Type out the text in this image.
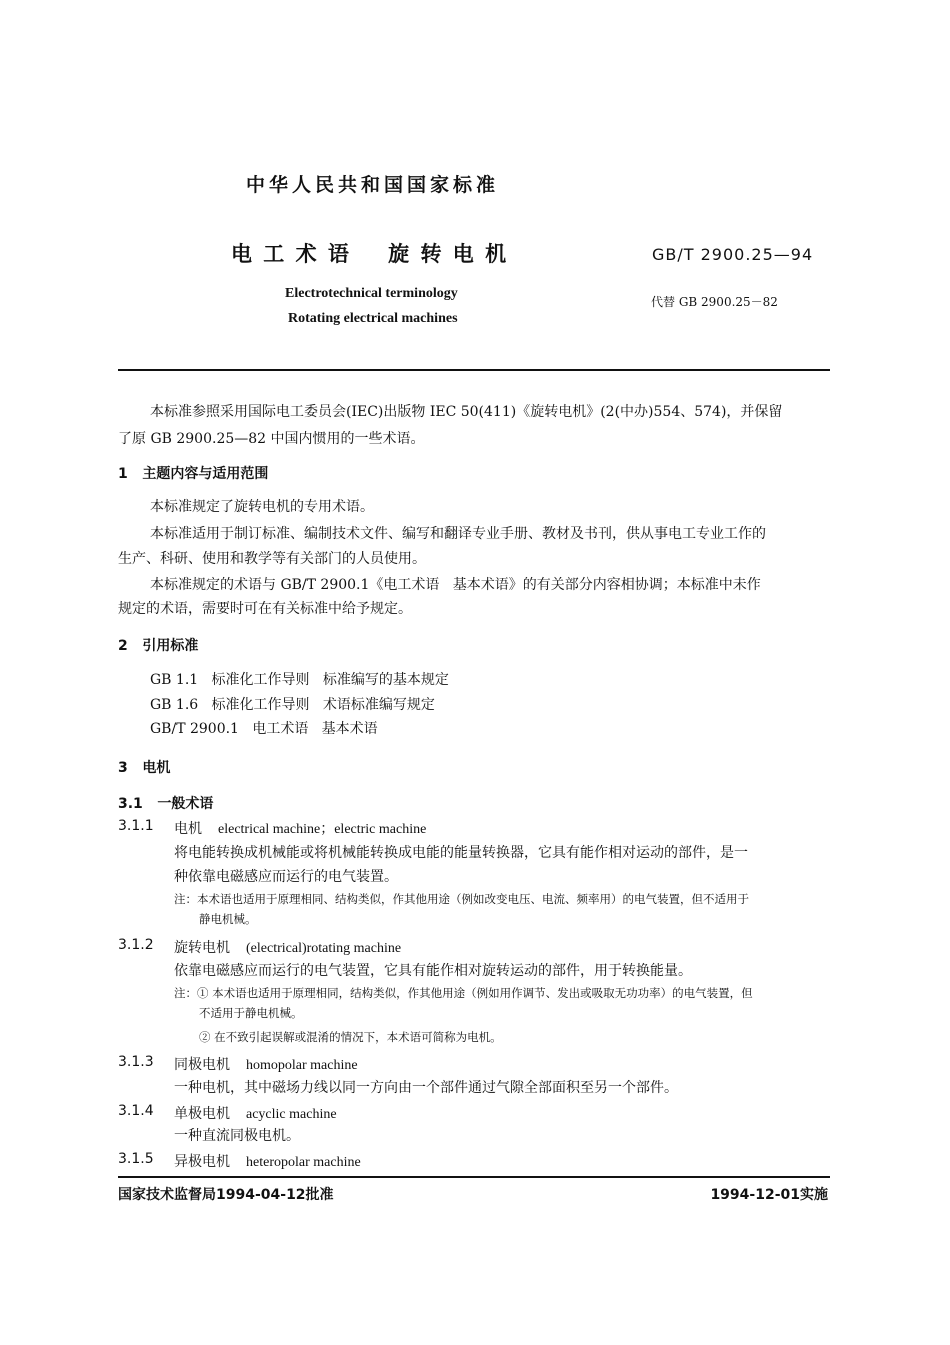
中华人民共和国国家标准
电 工 术 语    旋 转 电 机	GB/T 2900.25—94
Electrotechnical terminology
Rotating electrical machines
代替 GB 2900.25－82
本标准参照采用国际电工委员会(IEC)出版物 IEC 50(411)《旋转电机》(2(中办)554、574)，并保留
了原 GB 2900.25—82 中国内惯用的一些术语。
1   主题内容与适用范围
本标准规定了旋转电机的专用术语。
本标准适用于制订标准、编制技术文件、编写和翻译专业手册、教材及书刊，供从事电工专业工作的
生产、科研、使用和教学等有关部门的人员使用。
本标准规定的术语与 GB/T 2900.1《电工术语   基本术语》的有关部分内容相协调；本标准中未作
规定的术语，需要时可在有关标准中给予规定。
2   引用标准
GB 1.1   标准化工作导则   标准编写的基本规定
GB 1.6   标准化工作导则   术语标准编写规定
GB/T 2900.1   电工术语   基本术语
3   电机
3.1   一般术语
3.1.1 电机 electrical machine；electric machine
将电能转换成机械能或将机械能转换成电能的能量转换器，它具有能作相对运动的部件，是一
种依靠电磁感应而运行的电气装置。
注：本术语也适用于原理相同、结构类似，作其他用途（例如改变电压、电流、频率用）的电气装置，但不适用于
静电机械。
3.1.2 旋转电机 (electrical)rotating machine
依靠电磁感应而运行的电气装置，它具有能作相对旋转运动的部件，用于转换能量。
注：① 本术语也适用于原理相同，结构类似，作其他用途（例如用作调节、发出或吸取无功功率）的电气装置，但
不适用于静电机械。
② 在不致引起误解或混淆的情况下，本术语可简称为电机。
3.1.3 同极电机 homopolar machine
一种电机，其中磁场力线以同一方向由一个部件通过气隙全部面积至另一个部件。
3.1.4 单极电机 acyclic machine
一种直流同极电机。
3.1.5 异极电机 heteropolar machine
国家技术监督局1994-04-12批准	1994-12-01实施
